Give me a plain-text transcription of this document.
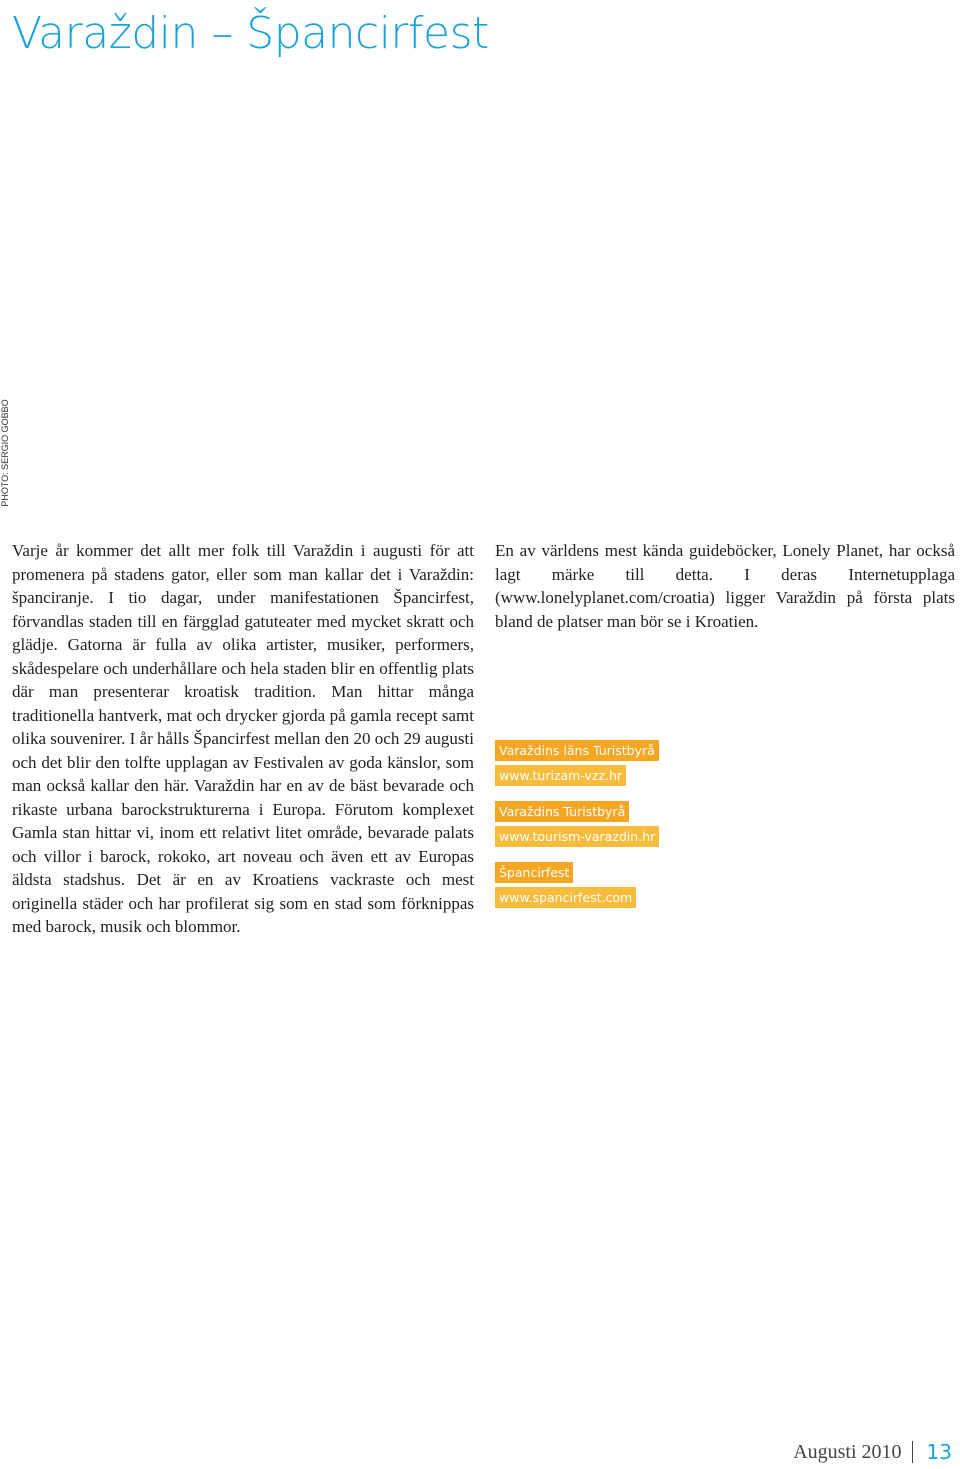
Varaždin – Špancirfest
PHOTO: SERGIO GOBBO

Varje år kommer det allt mer folk till Varaždin i augusti för att promenera på stadens gator, eller som man kallar det i Varaždin: španciranje. I tio dagar, under manifestationen Špancirfest, förvandlas staden till en färgglad gatuteater med mycket skratt och glädje. Gatorna är fulla av olika artister, musiker, performers, skådespelare och underhållare och hela staden blir en offentlig plats där man presenterar kroatisk tradition. Man hittar många traditionella hantverk, mat och drycker gjorda på gamla recept samt olika souvenirer. I år hålls Špancirfest mellan den 20 och 29 augusti och det blir den tolfte upplagan av Festivalen av goda känslor, som man också kallar den här. Varaždin har en av de bäst bevarade och rikaste urbana barockstrukturerna i Europa. Förutom komplexet Gamla stan hittar vi, inom ett relativt litet område, bevarade palats och villor i barock, rokoko, art noveau och även ett av Europas äldsta stadshus. Det är en av Kroatiens vackraste och mest originella städer och har profilerat sig som en stad som förknippas med barock, musik och blommor.

En av världens mest kända guideböcker, Lonely Planet, har också lagt märke till detta. I deras Internetupplaga (www.lonelyplanet.com/croatia) ligger Varaždin på första plats bland de platser man bör se i Kroatien.

Varaždins läns Turistbyrå
www.turizam-vzz.hr
Varaždins Turistbyrå
www.tourism-varazdin.hr
Špancirfest
www.spancirfest.com
Augusti 2010 13
